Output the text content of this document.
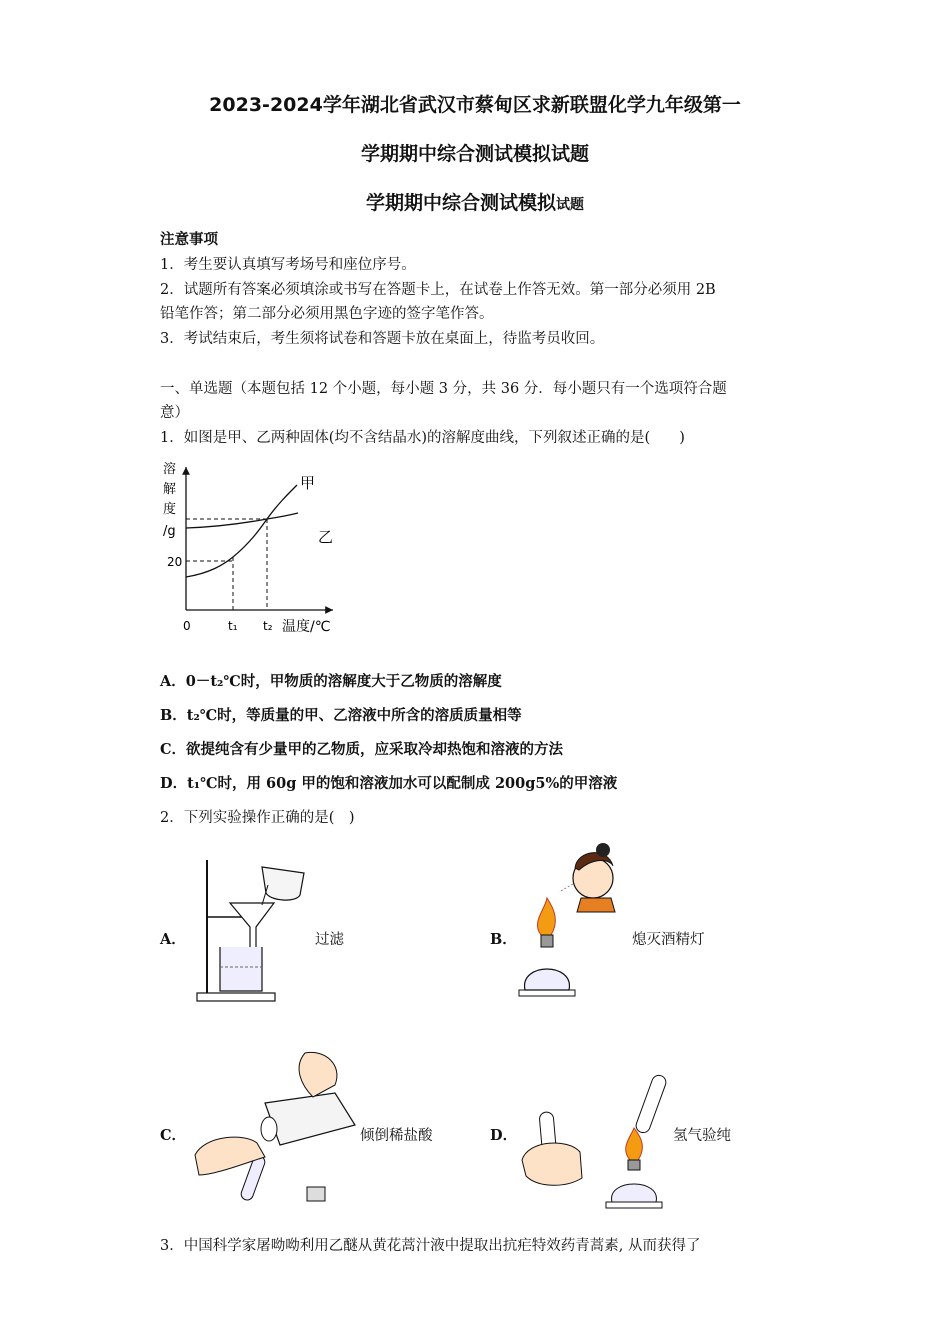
2023-2024学年湖北省武汉市蔡甸区求新联盟化学九年级第一
学期期中综合测试模拟试题
学期期中综合测试模拟试题
注意事项
1．考生要认真填写考场号和座位序号。
2．试题所有答案必须填涂或书写在答题卡上，在试卷上作答无效。第一部分必须用 2B
铅笔作答；第二部分必须用黑色字迹的签字笔作答。
3．考试结束后，考生须将试卷和答题卡放在桌面上，待监考员收回。
一、单选题（本题包括 12 个小题，每小题 3 分，共 36 分．每小题只有一个选项符合题
意）
1．如图是甲、乙两种固体(均不含结晶水)的溶解度曲线，下列叙述正确的是(　　)
溶
解
度
/g
20
0	t₁ t₂ 温度/℃
甲
乙
A．0－t₂℃时，甲物质的溶解度大于乙物质的溶解度
B．t₂℃时，等质量的甲、乙溶液中所含的溶质质量相等
C．欲提纯含有少量甲的乙物质，应采取冷却热饱和溶液的方法
D．t₁℃时，用 60g 甲的饱和溶液加水可以配制成 200g5%的甲溶液
2．下列实验操作正确的是(　)
A．	过滤	B．	熄灭酒精灯
C．	倾倒稀盐酸	D．	氢气验纯
3．中国科学家屠呦呦利用乙醚从黄花蒿汁液中提取出抗疟特效药青蒿素, 从而获得了
